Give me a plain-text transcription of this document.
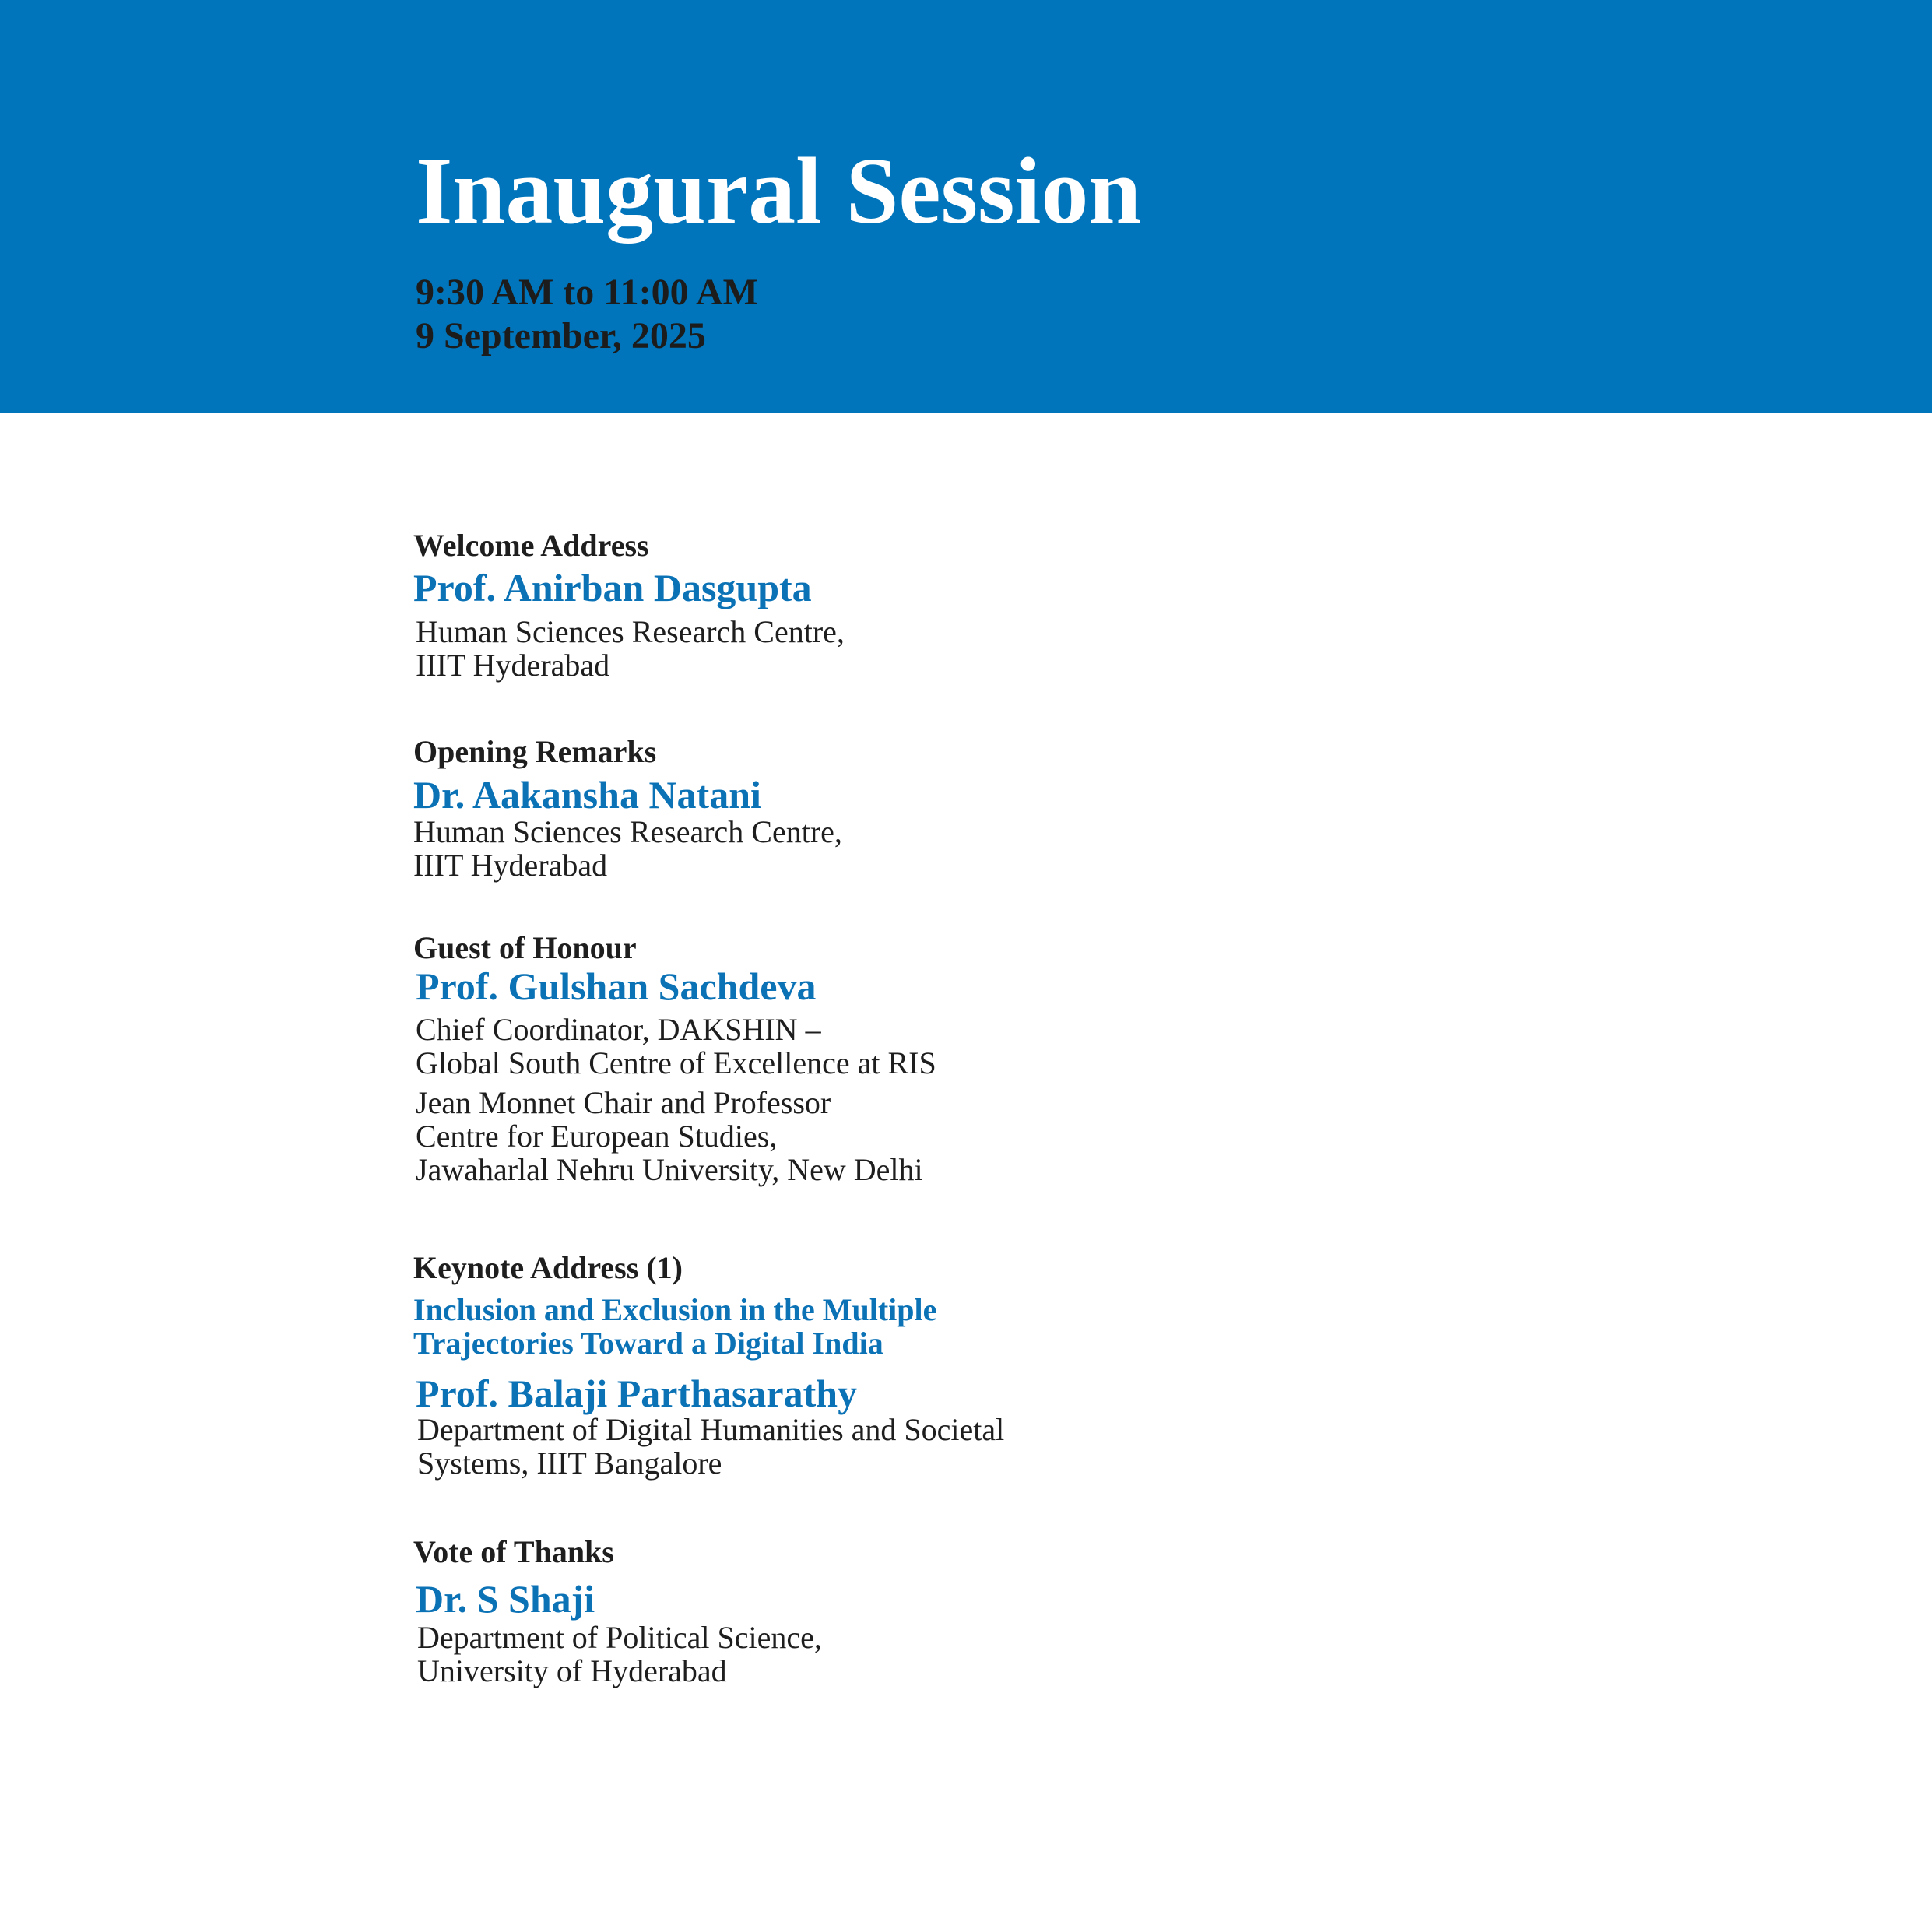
Inaugural Session
9:30 AM to 11:00 AM
9 September, 2025
Welcome Address
Prof. Anirban Dasgupta
Human Sciences Research Centre,
IIIT Hyderabad
Opening Remarks
Dr. Aakansha Natani
Human Sciences Research Centre,
IIIT Hyderabad
Guest of Honour
Prof. Gulshan Sachdeva
Chief Coordinator, DAKSHIN –
Global South Centre of Excellence at RIS
Jean Monnet Chair and Professor
Centre for European Studies,
Jawaharlal Nehru University, New Delhi
Keynote Address (1)
Inclusion and Exclusion in the Multiple
Trajectories Toward a Digital India
Prof. Balaji Parthasarathy
Department of Digital Humanities and Societal
Systems, IIIT Bangalore
Vote of Thanks
Dr. S Shaji
Department of Political Science,
University of Hyderabad
